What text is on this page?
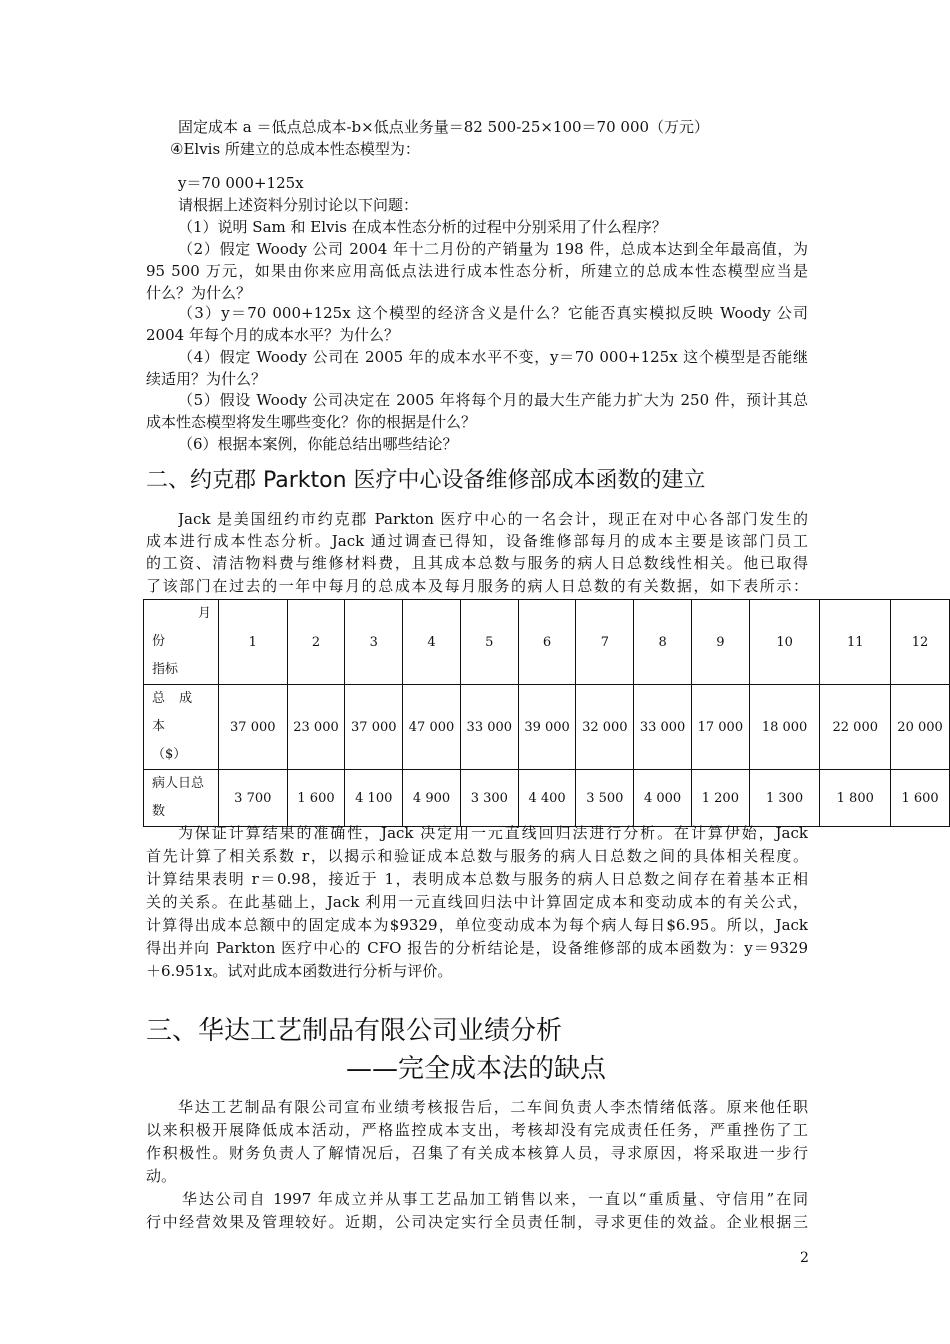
固定成本 a ＝低点总成本-b×低点业务量＝82 500-25×100＝70 000（万元）
④Elvis 所建立的总成本性态模型为：
y＝70 000+125x
请根据上述资料分别讨论以下问题：
（1）说明 Sam 和 Elvis 在成本性态分析的过程中分别采用了什么程序？
（2）假定 Woody 公司 2004 年十二月份的产销量为 198 件，总成本达到全年最高值，为
95 500 万元，如果由你来应用高低点法进行成本性态分析，所建立的总成本性态模型应当是
什么？为什么？
（3）y＝70 000+125x 这个模型的经济含义是什么？它能否真实模拟反映 Woody 公司
2004 年每个月的成本水平？为什么？
（4）假定 Woody 公司在 2005 年的成本水平不变，y＝70 000+125x 这个模型是否能继
续适用？为什么？
（5）假设 Woody 公司决定在 2005 年将每个月的最大生产能力扩大为 250 件，预计其总
成本性态模型将发生哪些变化？你的根据是什么？
（6）根据本案例，你能总结出哪些结论？
二、约克郡 Parkton 医疗中心设备维修部成本函数的建立
Jack 是美国纽约市约克郡 Parkton 医疗中心的一名会计，现正在对中心各部门发生的
成本进行成本性态分析。Jack 通过调查已得知，设备维修部每月的成本主要是该部门员工
的工资、清洁物料费与维修材料费，且其成本总数与服务的病人日总数线性相关。他已取得
了该部门在过去的一年中每月的总成本及每月服务的病人日总数的有关数据，如下表所示：
月
份
指标	1	2	3	4	5	6	7	8	9	10	11	12

总 成 本
（$）	37 000	23 000	37 000	47 000	33 000	39 000	32 000	33 000	17 000	18 000	22 000	20 000

病人日总
数	3 700	1 600	4 100	4 900	3 300	4 400	3 500	4 000	1 200	1 300	1 800	1 600
为保证计算结果的准确性，Jack 决定用一元直线回归法进行分析。在计算伊始，Jack
首先计算了相关系数 r，以揭示和验证成本总数与服务的病人日总数之间的具体相关程度。
计算结果表明 r＝0.98，接近于 1，表明成本总数与服务的病人日总数之间存在着基本正相
关的关系。在此基础上，Jack 利用一元直线回归法中计算固定成本和变动成本的有关公式，
计算得出成本总额中的固定成本为$9329，单位变动成本为每个病人每日$6.95。所以，Jack
得出并向 Parkton 医疗中心的 CFO 报告的分析结论是，设备维修部的成本函数为：y＝9329
＋6.951x。试对此成本函数进行分析与评价。
三、华达工艺制品有限公司业绩分析
——完全成本法的缺点
华达工艺制品有限公司宣布业绩考核报告后，二车间负责人李杰情绪低落。原来他任职
以来积极开展降低成本活动，严格监控成本支出，考核却没有完成责任任务，严重挫伤了工
作积极性。财务负责人了解情况后，召集了有关成本核算人员，寻求原因，将采取进一步行
动。
华达公司自 1997 年成立并从事工艺品加工销售以来，一直以“重质量、守信用”在同
行中经营效果及管理较好。近期，公司决定实行全员责任制，寻求更佳的效益。企业根据三
2
